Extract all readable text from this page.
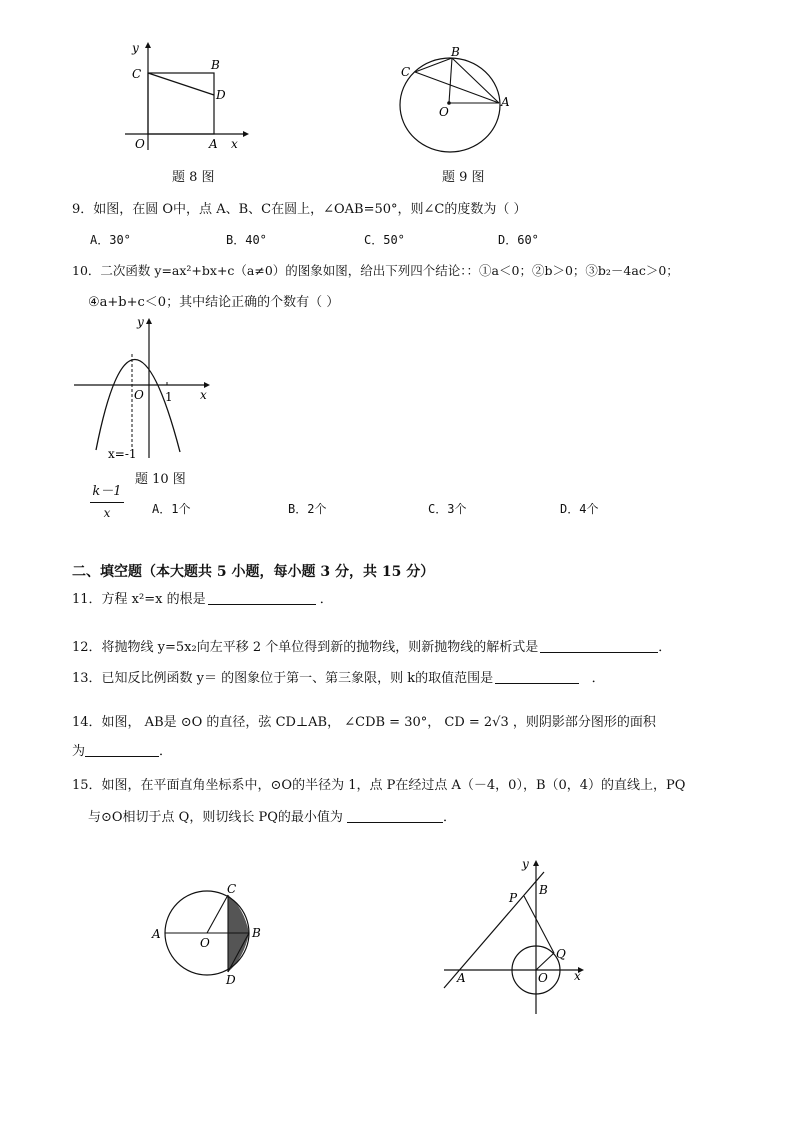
y
C
B
D
O	A x
题 8 图
B
C
A
O
题 9 图
9．如图，在圆 O中，点 A、B、C在圆上，∠OAB=50°，则∠C的度数为（ ）
A．30°	B．40°	C．50°	D．60°
10．二次函数 y=ax²+bx+c（a≠0）的图象如图，给出下列四个结论：：①a＜0；②b＞0；③b₂－4ac＞0；
④a+b+c＜0；其中结论正确的个数有（ ）
y
x
O 1
x=-1
题 10 图
k－1
x	A．1个	B．2个	C．3个	D．4个
二、填空题（本大题共 5 小题，每小题 3 分，共 15 分）
11．方程 x²=x 的根是	．
12．将抛物线 y=5x₂向左平移 2 个单位得到新的抛物线，则新抛物线的解析式是	．
13．已知反比例函数 y＝ 的图象位于第一、第三象限，则 k的取值范围是	．
14．如图， AB是 ⊙O 的直径，弦 CD⊥AB， ∠CDB = 30°， CD = 2√3 ，则阴影部分图形的面积
为	．
15．如图，在平面直角坐标系中，⊙O的半径为 1，点 P在经过点 A（－4，0），B（0，4）的直线上，PQ
与⊙O相切于点 Q，则切线长 PQ的最小值为	．
C
A
O
B
D
y
B
P
Q
A	O x
